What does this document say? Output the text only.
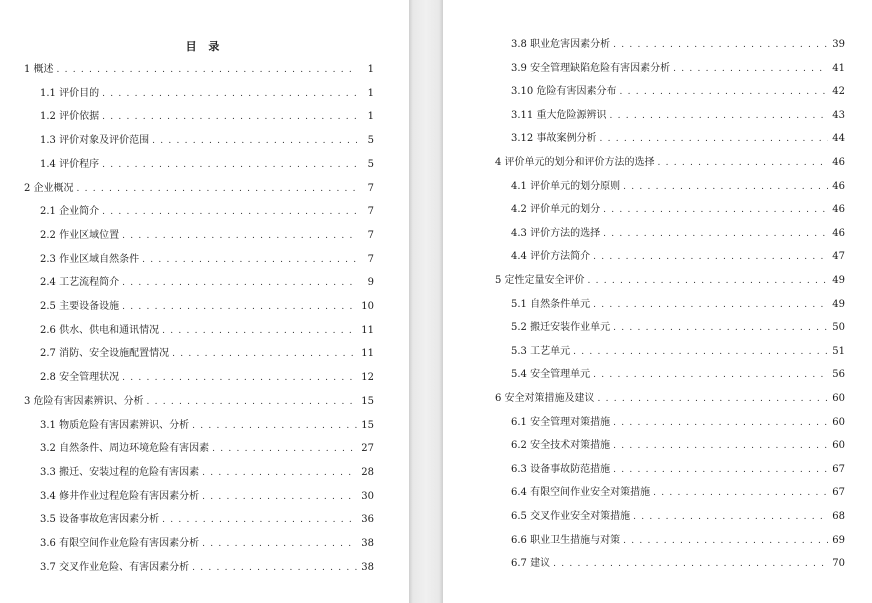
目 录
1 概述 . . .	1
1.1 评价目的 . . .	1
1.2 评价依据 . . .	1
1.3 评价对象及评价范围 . . .	5
1.4 评价程序 . . .	5
2 企业概况 . . .	7
2.1 企业简介 . . .	7
2.2 作业区域位置 . . .	7
2.3 作业区域自然条件 . . .	7
2.4 工艺流程简介 . . .	9
2.5 主要设备设施 . . .	10
2.6 供水、供电和通讯情况 . . .	11
2.7 消防、安全设施配置情况 . . .	11
2.8 安全管理状况 . . .	12
3 危险有害因素辨识、分析 . . .	15
3.1 物质危险有害因素辨识、分析 . . .	15
3.2 自然条件、周边环境危险有害因素 . . .	27
3.3 搬迁、安装过程的危险有害因素 . . .	28
3.4 修井作业过程危险有害因素分析 . . .	30
3.5 设备事故危害因素分析 . . .	36
3.6 有限空间作业危险有害因素分析 . . .	38
3.7 交叉作业危险、有害因素分析 . . .	38
3.8 职业危害因素分析 . . .	39
3.9 安全管理缺陷危险有害因素分析 . . .	41
3.10 危险有害因素分布 . . .	42
3.11 重大危险源辨识 . . .	43
3.12 事故案例分析 . . .	44
4 评价单元的划分和评价方法的选择 . . .	46
4.1 评价单元的划分原则 . . .	46
4.2 评价单元的划分 . . .	46
4.3 评价方法的选择 . . .	46
4.4 评价方法简介 . . .	47
5 定性定量安全评价 . . .	49
5.1 自然条件单元 . . .	49
5.2 搬迁安装作业单元 . . .	50
5.3 工艺单元 . . .	51
5.4 安全管理单元 . . .	56
6 安全对策措施及建议 . . .	60
6.1 安全管理对策措施 . . .	60
6.2 安全技术对策措施 . . .	60
6.3 设备事故防范措施 . . .	67
6.4 有限空间作业安全对策措施 . . .	67
6.5 交叉作业安全对策措施 . . .	68
6.6 职业卫生措施与对策 . . .	69
6.7 建议 . . .	70
